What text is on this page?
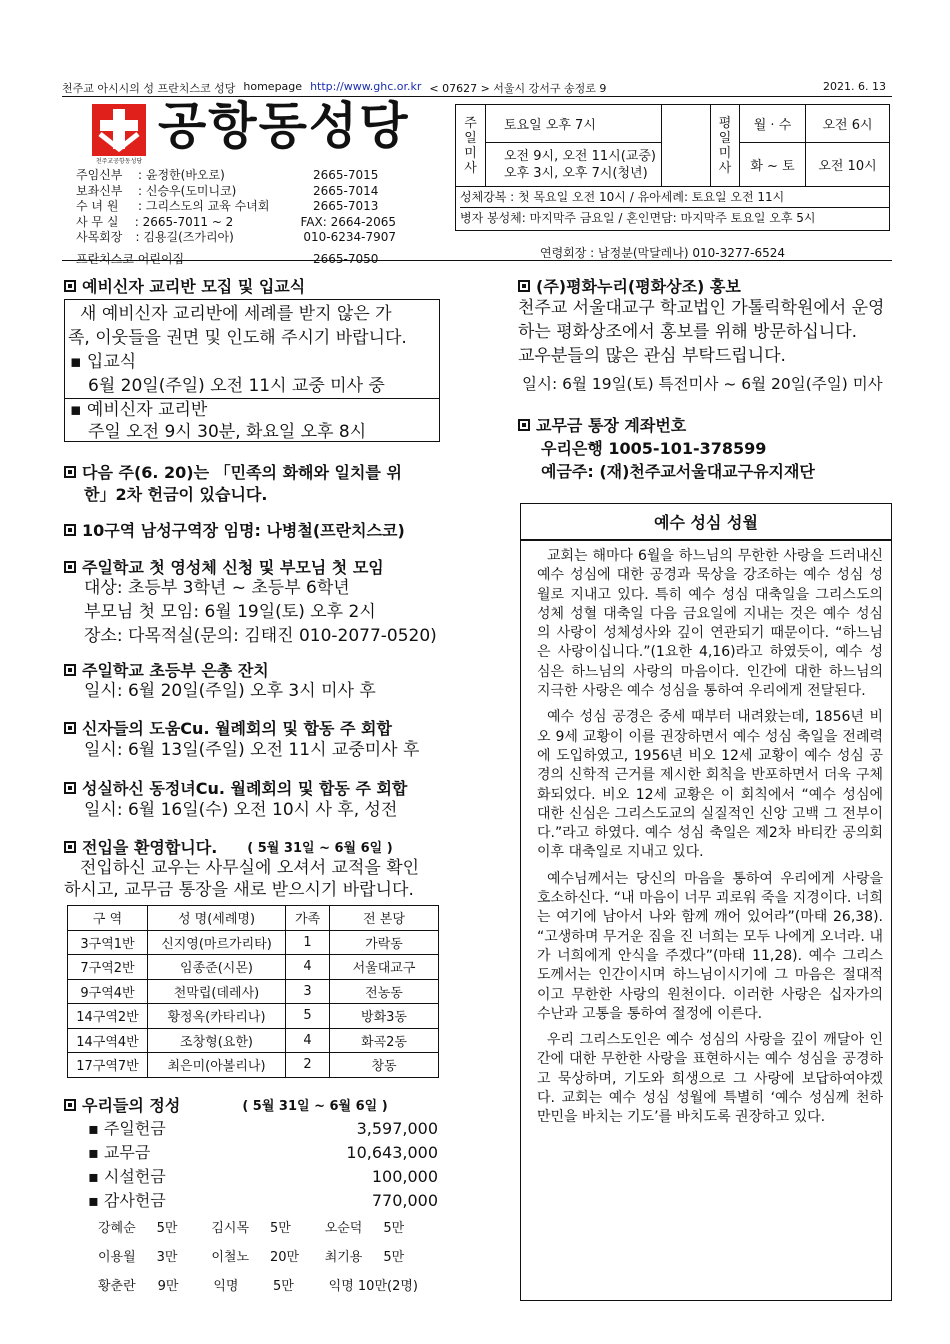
천주교 아시시의 성 프란치스코 성당 homepage http://www.ghc.or.kr < 07627 > 서울시 강서구 송정로 9	2021. 6. 13
천주교공항동성당
공항동성당
주임신부	: 윤정한(바오로)	2665-7015
보좌신부	: 신승우(도미니코)	2665-7014
수 녀 원	: 그리스도의 교육 수녀회	2665-7013
사 무 실	: 2665-7011 ~ 2	FAX: 2664-2065
사목회장	: 김용길(즈가리아)	010-6234-7907
프란치스코 어린이집	2665-7050
주
일
미
사
토요일 오후 7시
오전 9시, 오전 11시(교중)
오후 3시, 오후 7시(청년)
평
일
미
사
월 · 수	오전 6시
화 ~ 토	오전 10시
성체강복 : 첫 목요일 오전 10시 / 유아세례: 토요일 오전 11시
병자 봉성체: 마지막주 금요일 / 혼인면담: 마지막주 토요일 오후 5시
연령회장 : 남정분(막달레나) 010-3277-6524
예비신자 교리반 모집 및 입교식
새 예비신자 교리반에 세례를 받지 않은 가
족, 이웃들을 권면 및 인도해 주시기 바랍니다.
▪ 입교식
6월 20일(주일) 오전 11시 교중 미사 중
▪ 예비신자 교리반
주일 오전 9시 30분, 화요일 오후 8시
다음 주(6. 20)는 「민족의 화해와 일치를 위
한」2차 헌금이 있습니다.
10구역 남성구역장 임명: 나병철(프란치스코)
주일학교 첫 영성체 신청 및 부모님 첫 모임
대상: 초등부 3학년 ~ 초등부 6학년
부모님 첫 모임: 6월 19일(토) 오후 2시
장소: 다목적실(문의: 김태진 010-2077-0520)
주일학교 초등부 은총 잔치
일시: 6월 20일(주일) 오후 3시 미사 후
신자들의 도움Cu. 월례회의 및 합동 주 회합
일시: 6월 13일(주일) 오전 11시 교중미사 후
성실하신 동정녀Cu. 월례회의 및 합동 주 회합
일시: 6월 16일(수) 오전 10시 사 후, 성전
전입을 환영합니다. ( 5월 31일 ~ 6월 6일 )
전입하신 교우는 사무실에 오셔서 교적을 확인
하시고, 교무금 통장을 새로 받으시기 바랍니다.
구 역	성 명(세례명)	가족	전 본당
3구역1반	신지영(마르가리타)	1	가락동
7구역2반	임종준(시몬)	4	서울대교구
9구역4반	천막립(데레사)	3	전농동
14구역2반	황정옥(카타리나)	5	방화3동
14구역4반	조창형(요한)	4	화곡2동
17구역7반	최은미(아볼리나)	2	창동
우리들의 정성	( 5월 31일 ~ 6월 6일 )
▪ 주일헌금	3,597,000
▪ 교무금	10,643,000
▪ 시설헌금	100,000
▪ 감사헌금	770,000
강혜순	5만	김시목	5만	오순덕	5만
이용월	3만	이철노	20만	최기용	5만
황춘란	9만	익명	5만	익명 10만(2명)
(주)평화누리(평화상조) 홍보
천주교 서울대교구 학교법인 가톨릭학원에서 운영
하는 평화상조에서 홍보를 위해 방문하십니다.
교우분들의 많은 관심 부탁드립니다.
일시: 6월 19일(토) 특전미사 ~ 6월 20일(주일) 미사
교무금 통장 계좌번호
우리은행 1005-101-378599
예금주: (재)천주교서울대교구유지재단
예수 성심 성월

교회는 해마다 6월을 하느님의 무한한 사랑을 드러내신 예수 성심에 대한 공경과 묵상을 강조하는 예수 성심 성월로 지내고 있다. 특히 예수 성심 대축일을 그리스도의 성체 성혈 대축일 다음 금요일에 지내는 것은 예수 성심의 사랑이 성체성사와 깊이 연관되기 때문이다. “하느님은 사랑이십니다.”(1요한 4,16)라고 하였듯이, 예수 성심은 하느님의 사랑의 마음이다. 인간에 대한 하느님의 지극한 사랑은 예수 성심을 통하여 우리에게 전달된다.

예수 성심 공경은 중세 때부터 내려왔는데, 1856년 비오 9세 교황이 이를 권장하면서 예수 성심 축일을 전례력에 도입하였고, 1956년 비오 12세 교황이 예수 성심 공경의 신학적 근거를 제시한 회칙을 반포하면서 더욱 구체화되었다. 비오 12세 교황은 이 회칙에서 “예수 성심에 대한 신심은 그리스도교의 실질적인 신앙 고백 그 전부이다.”라고 하였다. 예수 성심 축일은 제2차 바티칸 공의회 이후 대축일로 지내고 있다.

예수님께서는 당신의 마음을 통하여 우리에게 사랑을 호소하신다. “내 마음이 너무 괴로워 죽을 지경이다. 너희는 여기에 남아서 나와 함께 깨어 있어라”(마태 26,38). “고생하며 무거운 짐을 진 너희는 모두 나에게 오너라. 내가 너희에게 안식을 주겠다”(마태 11,28). 예수 그리스도께서는 인간이시며 하느님이시기에 그 마음은 절대적이고 무한한 사랑의 원천이다. 이러한 사랑은 십자가의 수난과 고통을 통하여 절정에 이른다.

우리 그리스도인은 예수 성심의 사랑을 깊이 깨달아 인간에 대한 무한한 사랑을 표현하시는 예수 성심을 공경하고 묵상하며, 기도와 희생으로 그 사랑에 보답하여야겠다. 교회는 예수 성심 성월에 특별히 ‘예수 성심께 천하 만민을 바치는 기도’를 바치도록 권장하고 있다.
